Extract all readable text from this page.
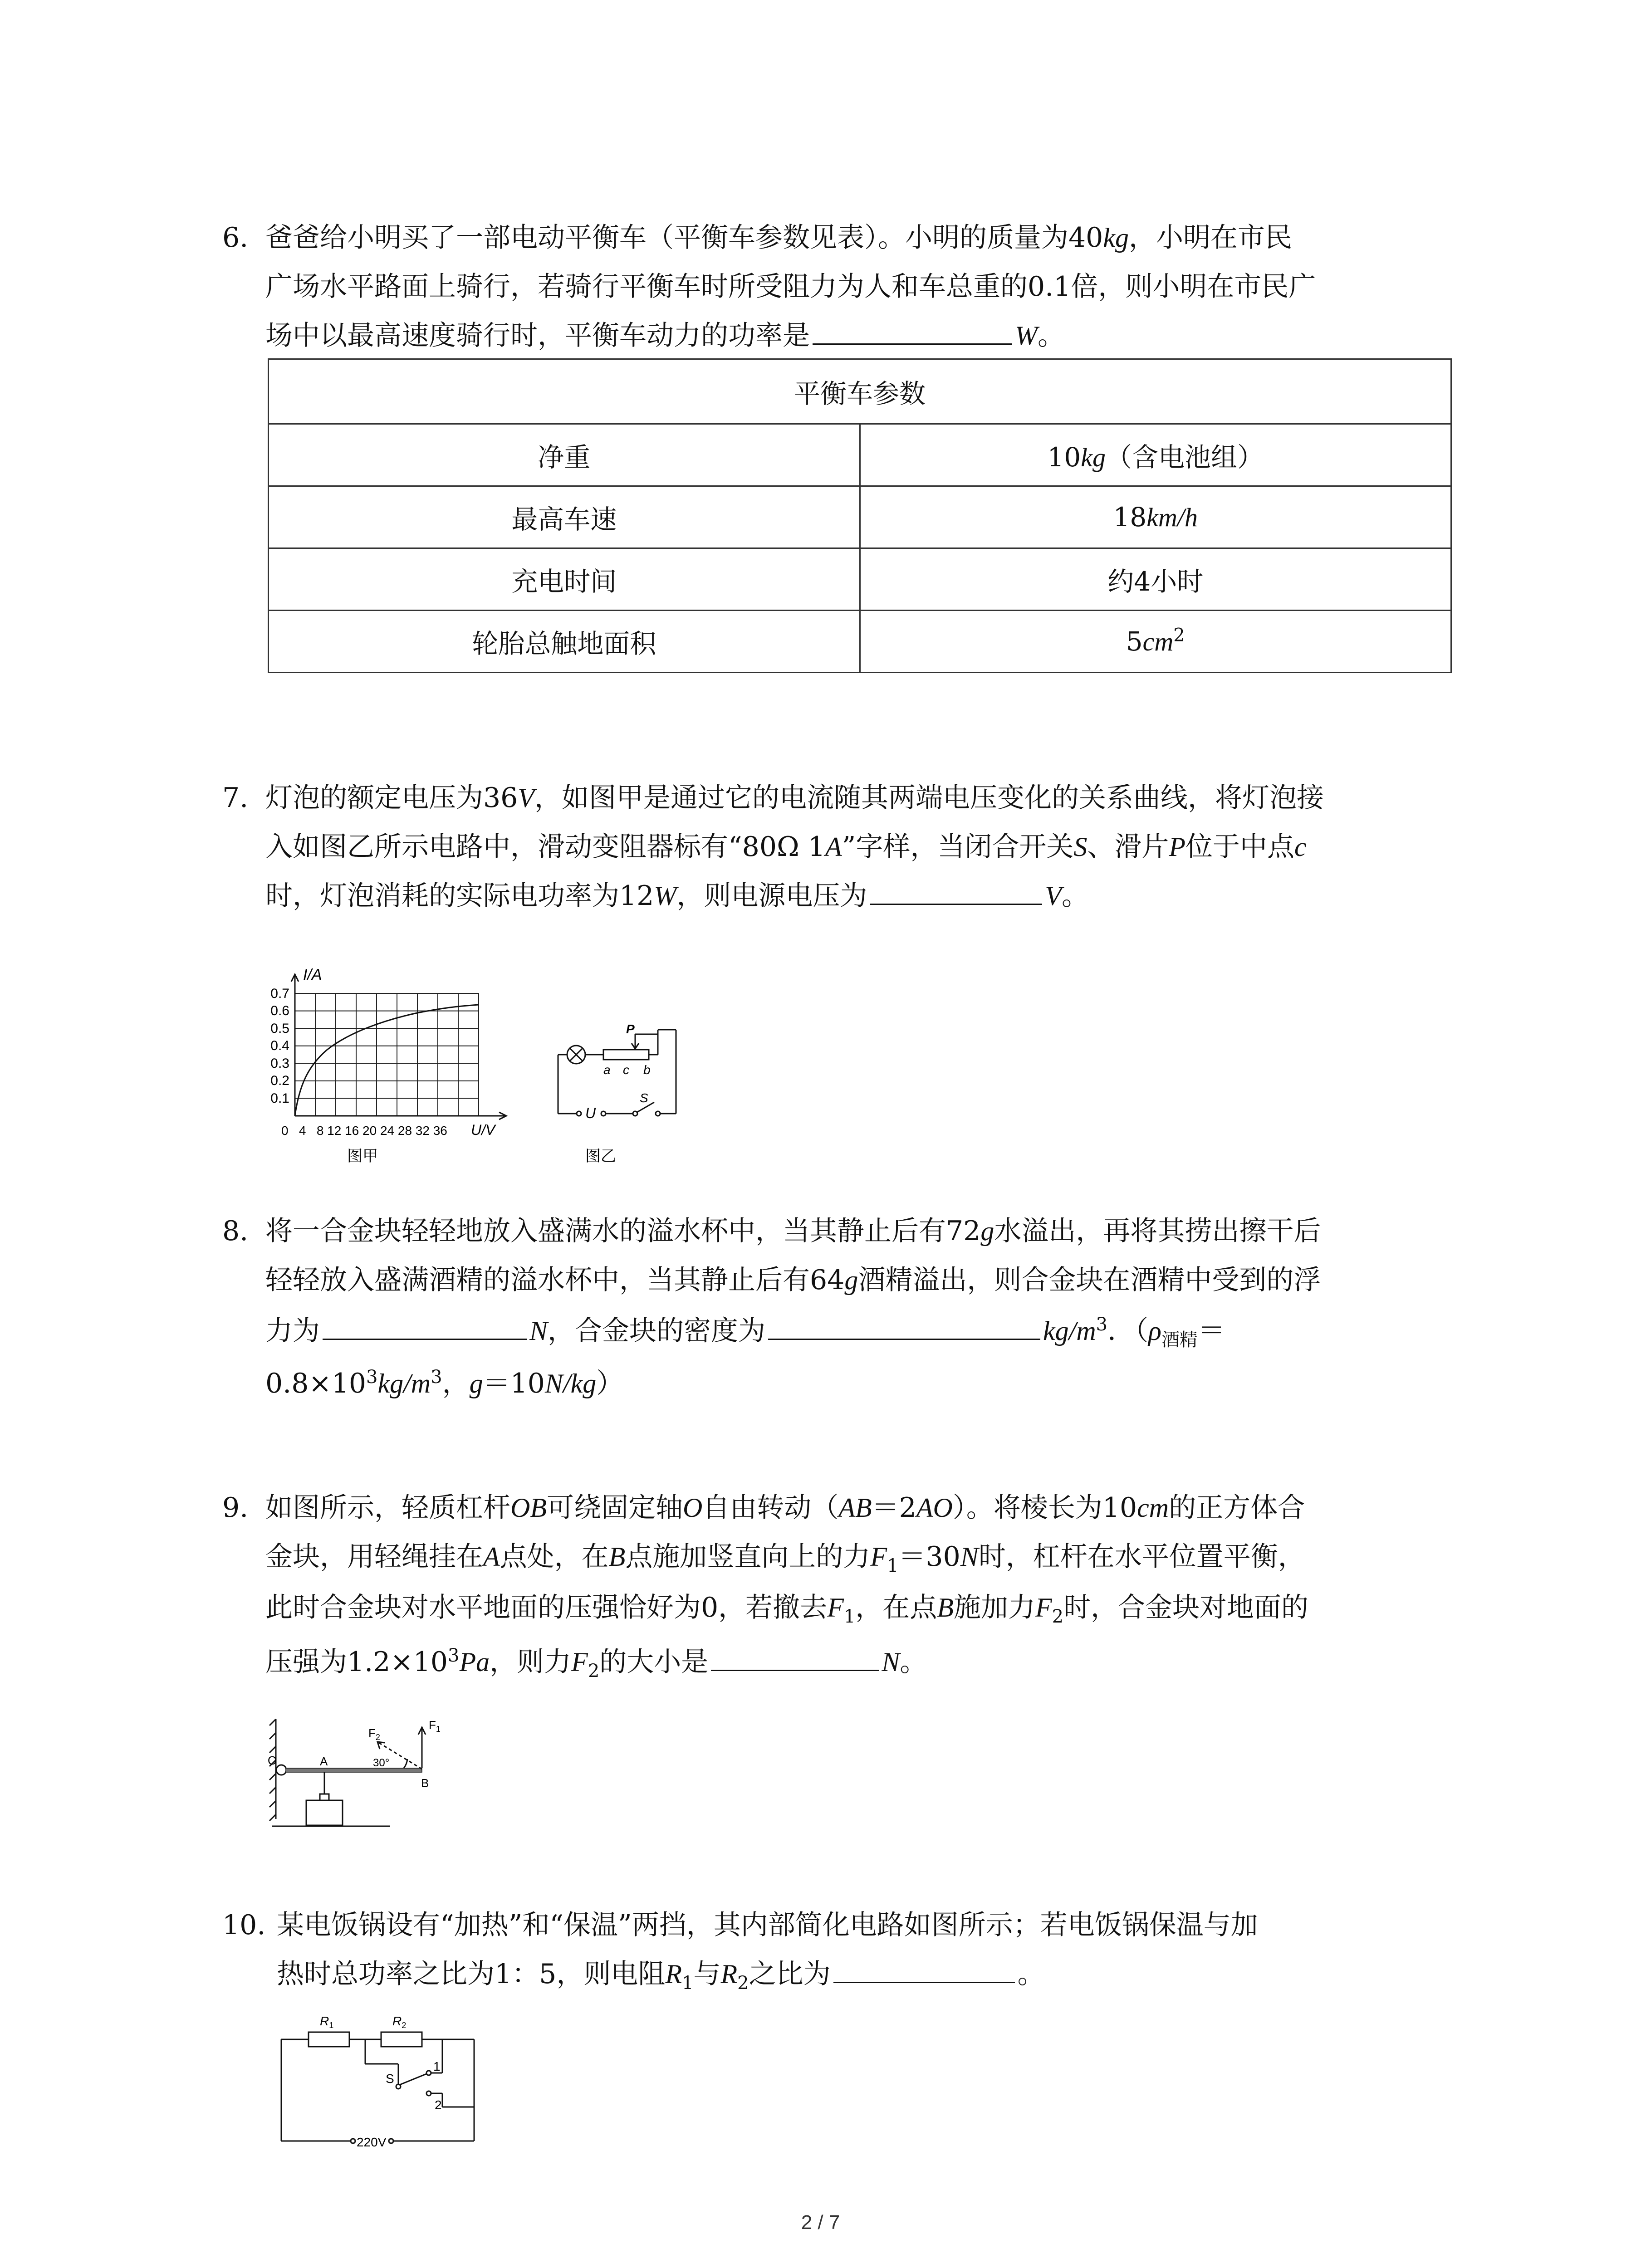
6. 爸爸给小明买了一部电动平衡车（平衡车参数见表）。小明的质量为40kg，小明在市民
广场水平路面上骑行，若骑行平衡车时所受阻力为人和车总重的0.1倍，则小明在市民广
场中以最高速度骑行时，平衡车动力的功率是	W。
平衡车参数	
净重	10kg（含电池组）
最高车速	18km/h
充电时间	约4小时
轮胎总触地面积	$5cm^2$
7. 灯泡的额定电压为36V，如图甲是通过它的电流随其两端电压变化的关系曲线，将灯泡接
入如图乙所示电路中，滑动变阻器标有“80Ω 1A”字样，当闭合开关S、滑片P位于中点c
时，灯泡消耗的实际电功率为12W，则电源电压为	V。
I/A
0.7
0.6
0.5
0.4
0.3
0.2
0.1
0   4   8 12 16 20 24 28 32 36 U/V
图甲
P
a c b
U
S
图乙
8. 将一合金块轻轻地放入盛满水的溢水杯中，当其静止后有72g水溢出，再将其捞出擦干后
轻轻放入盛满酒精的溢水杯中，当其静止后有64g酒精溢出，则合金块在酒精中受到的浮
力为	N，合金块的密度为	$kg/m^3$．（$\rho_{酒精}=$
$0.8\times 10^3kg/m^3$，g＝10N/kg）
9. 如图所示，轻质杠杆OB可绕固定轴O自由转动（AB＝2AO）。将棱长为10cm的正方体合
金块，用轻绳挂在A点处，在B点施加竖直向上的力$F_1=30N$时，杠杆在水平位置平衡，
此时合金块对水平地面的压强恰好为0，若撤去$F_1$，在点B施加力$F_2$时，合金块对地面的
压强为$1.2\times 10^3Pa$，则力$F_2$的大小是	N。
O	A
B
$F_1$
$F_2$
30°
10. 某电饭锅设有“加热”和“保温”两挡，其内部简化电路如图所示；若电饭锅保温与加
热时总功率之比为1：5，则电阻$R_1$与$R_2$之比为	。
$R_1$	$R_2$
S
1
2
220V
2 / 7
